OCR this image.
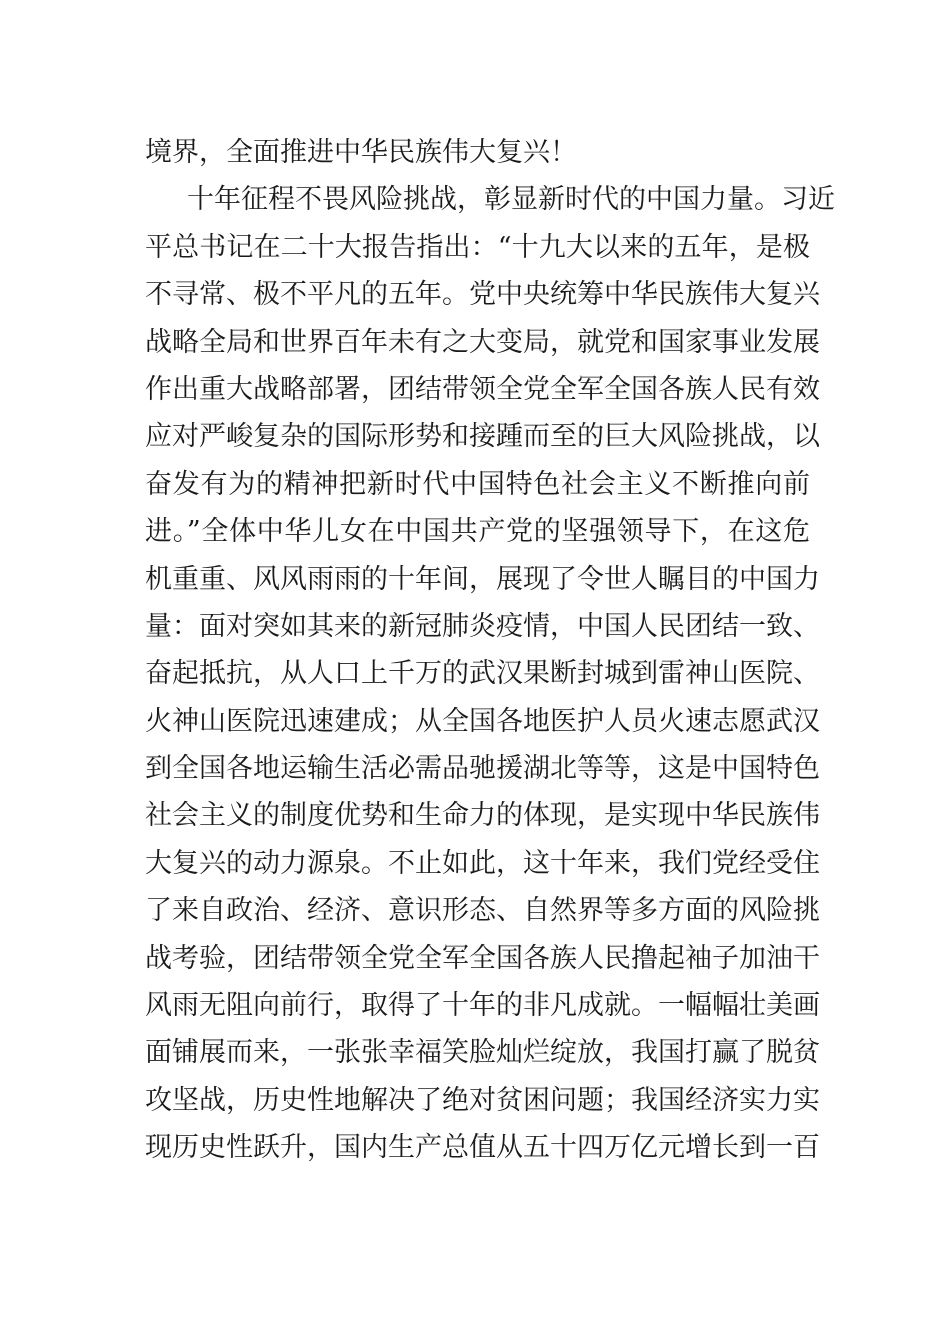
境界，全面推进中华民族伟大复兴！
十年征程不畏风险挑战，彰显新时代的中国力量。习近
平总书记在二十大报告指出：“十九大以来的五年，是极
不寻常、极不平凡的五年。党中央统筹中华民族伟大复兴
战略全局和世界百年未有之大变局，就党和国家事业发展
作出重大战略部署，团结带领全党全军全国各族人民有效
应对严峻复杂的国际形势和接踵而至的巨大风险挑战，以
奋发有为的精神把新时代中国特色社会主义不断推向前
进。”全体中华儿女在中国共产党的坚强领导下，在这危
机重重、风风雨雨的十年间，展现了令世人瞩目的中国力
量：面对突如其来的新冠肺炎疫情，中国人民团结一致、
奋起抵抗，从人口上千万的武汉果断封城到雷神山医院、
火神山医院迅速建成；从全国各地医护人员火速志愿武汉
到全国各地运输生活必需品驰援湖北等等，这是中国特色
社会主义的制度优势和生命力的体现，是实现中华民族伟
大复兴的动力源泉。不止如此，这十年来，我们党经受住
了来自政治、经济、意识形态、自然界等多方面的风险挑
战考验，团结带领全党全军全国各族人民撸起袖子加油干
风雨无阻向前行，取得了十年的非凡成就。一幅幅壮美画
面铺展而来，一张张幸福笑脸灿烂绽放，我国打赢了脱贫
攻坚战，历史性地解决了绝对贫困问题；我国经济实力实
现历史性跃升，国内生产总值从五十四万亿元增长到一百
